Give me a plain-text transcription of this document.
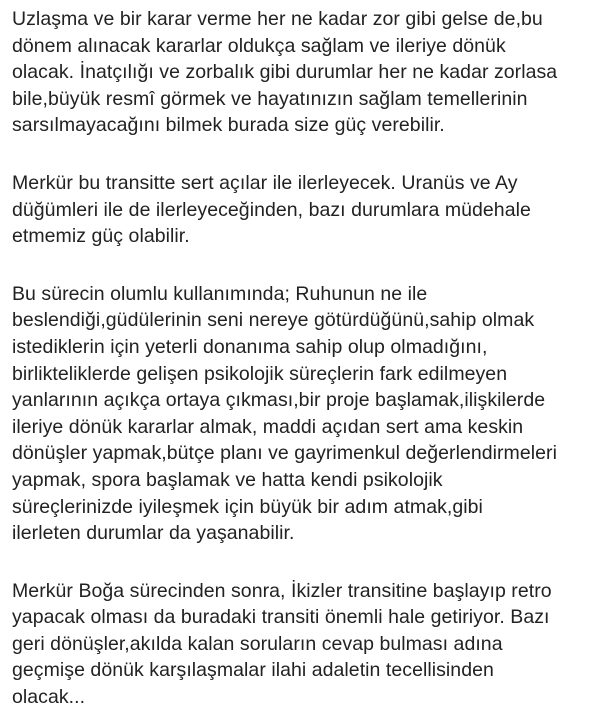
Uzlaşma ve bir karar verme her ne kadar zor gibi gelse de,bu
dönem alınacak kararlar oldukça sağlam ve ileriye dönük
olacak. İnatçılığı ve zorbalık gibi durumlar her ne kadar zorlasa
bile,büyük resmî görmek ve hayatınızın sağlam temellerinin
sarsılmayacağını bilmek burada size güç verebilir.
Merkür bu transitte sert açılar ile ilerleyecek. Uranüs ve Ay
düğümleri ile de ilerleyeceğinden, bazı durumlara müdehale
etmemiz güç olabilir.
Bu sürecin olumlu kullanımında; Ruhunun ne ile
beslendiği,güdülerinin seni nereye götürdüğünü,sahip olmak
istediklerin için yeterli donanıma sahip olup olmadığını,
birlikteliklerde gelişen psikolojik süreçlerin fark edilmeyen
yanlarının açıkça ortaya çıkması,bir proje başlamak,ilişkilerde
ileriye dönük kararlar almak, maddi açıdan sert ama keskin
dönüşler yapmak,bütçe planı ve gayrimenkul değerlendirmeleri
yapmak, spora başlamak ve hatta kendi psikolojik
süreçlerinizde iyileşmek için büyük bir adım atmak,gibi
ilerleten durumlar da yaşanabilir.
Merkür Boğa sürecinden sonra, İkizler transitine başlayıp retro
yapacak olması da buradaki transiti önemli hale getiriyor. Bazı
geri dönüşler,akılda kalan soruların cevap bulması adına
geçmişe dönük karşılaşmalar ilahi adaletin tecellisinden
olacak...
